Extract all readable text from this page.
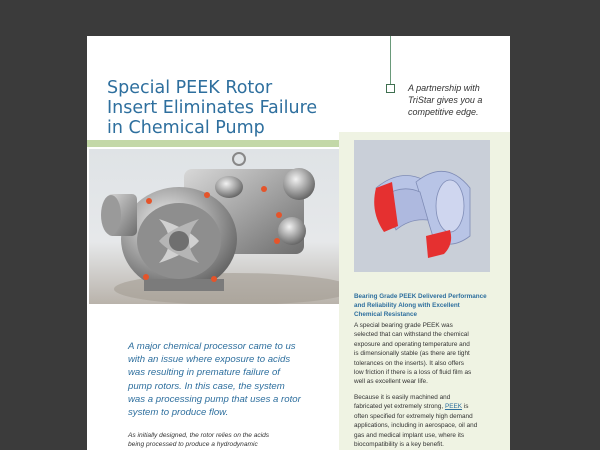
Special PEEK Rotor
Insert Eliminates Failure
in Chemical Pump
A partnership with
TriStar gives you a
competitive edge.
Bearing Grade PEEK Delivered Performance
and Reliability Along with Excellent
Chemical Resistance
A special bearing grade PEEK was
selected that can withstand the chemical
exposure and operating temperature and
is dimensionally stable (as there are tight
tolerances on the inserts). It also offers
low friction if there is a loss of fluid film as
well as excellent wear life.
Because it is easily machined and
fabricated yet extremely strong, PEEK is
often specified for extremely high demand
applications, including in aerospace, oil and
gas and medical implant use, where its
biocompatibility is a key benefit.
A major chemical processor came to us
with an issue where exposure to acids
was resulting in premature failure of
pump rotors. In this case, the system
was a processing pump that uses a rotor
system to produce flow.
As initially designed, the rotor relies on the acids
being processed to produce a hydrodynamic
